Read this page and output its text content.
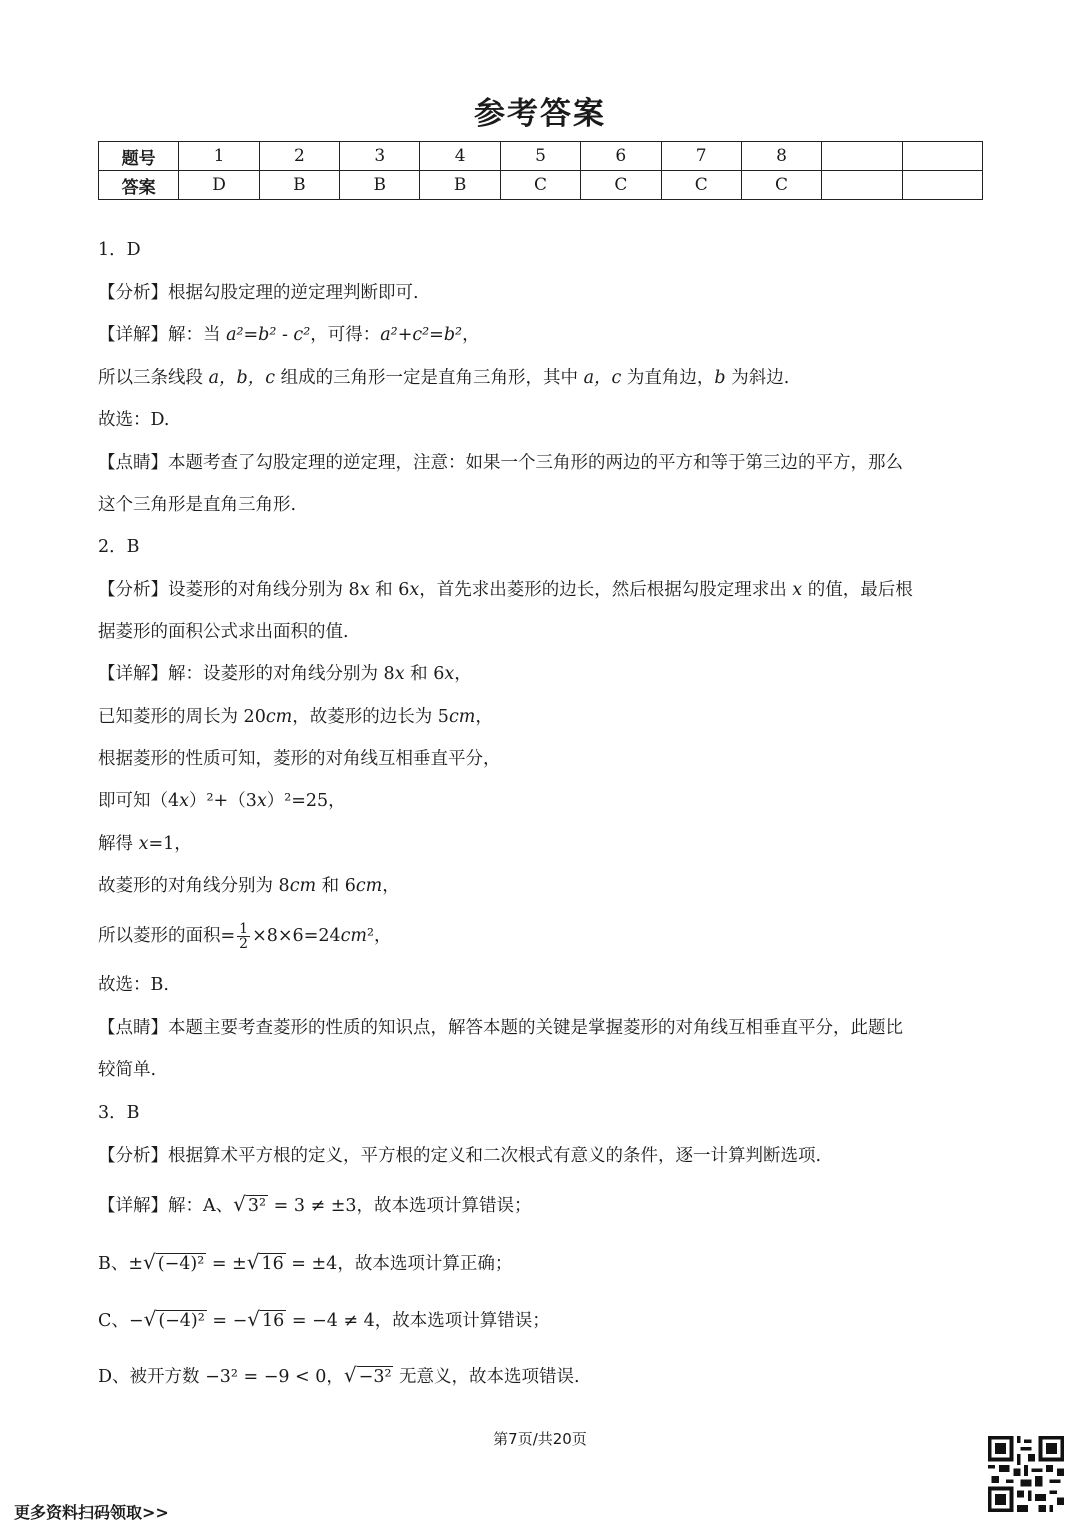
参考答案
题号	1	2	3	4	5	6	7	8		
答案	D	B	B	B	C	C	C	C		
1．D
【分析】根据勾股定理的逆定理判断即可.
【详解】解：当 a²=b² - c²，可得：a²+c²=b²，
所以三条线段 a，b，c 组成的三角形一定是直角三角形，其中 a，c 为直角边，b 为斜边.
故选：D.
【点睛】本题考查了勾股定理的逆定理，注意：如果一个三角形的两边的平方和等于第三边的平方，那么
这个三角形是直角三角形.
2．B
【分析】设菱形的对角线分别为 8x 和 6x，首先求出菱形的边长，然后根据勾股定理求出 x 的值，最后根
据菱形的面积公式求出面积的值.
【详解】解：设菱形的对角线分别为 8x 和 6x，
已知菱形的周长为 20cm，故菱形的边长为 5cm，
根据菱形的性质可知，菱形的对角线互相垂直平分，
即可知（4x）²+（3x）²=25，
解得 x=1，
故菱形的对角线分别为 8cm 和 6cm，
所以菱形的面积= $\frac{1}{2} \times 8\times 6=24cm^2$，
故选：B.
【点睛】本题主要考查菱形的性质的知识点，解答本题的关键是掌握菱形的对角线互相垂直平分，此题比
较简单.
3．B
【分析】根据算术平方根的定义，平方根的定义和二次根式有意义的条件，逐一计算判断选项.
【详解】解：A、√ 3² = 3 ≠ ±3，故本选项计算错误；
B、±√ (−4)² = ±√ 16 = ±4，故本选项计算正确；
C、−√ (−4)² = −√ 16 = −4 ≠ 4，故本选项计算错误；
D、被开方数 −3² = −9 < 0，√ −3² 无意义，故本选项错误.
第7页/共20页
更多资料扫码领取>>
